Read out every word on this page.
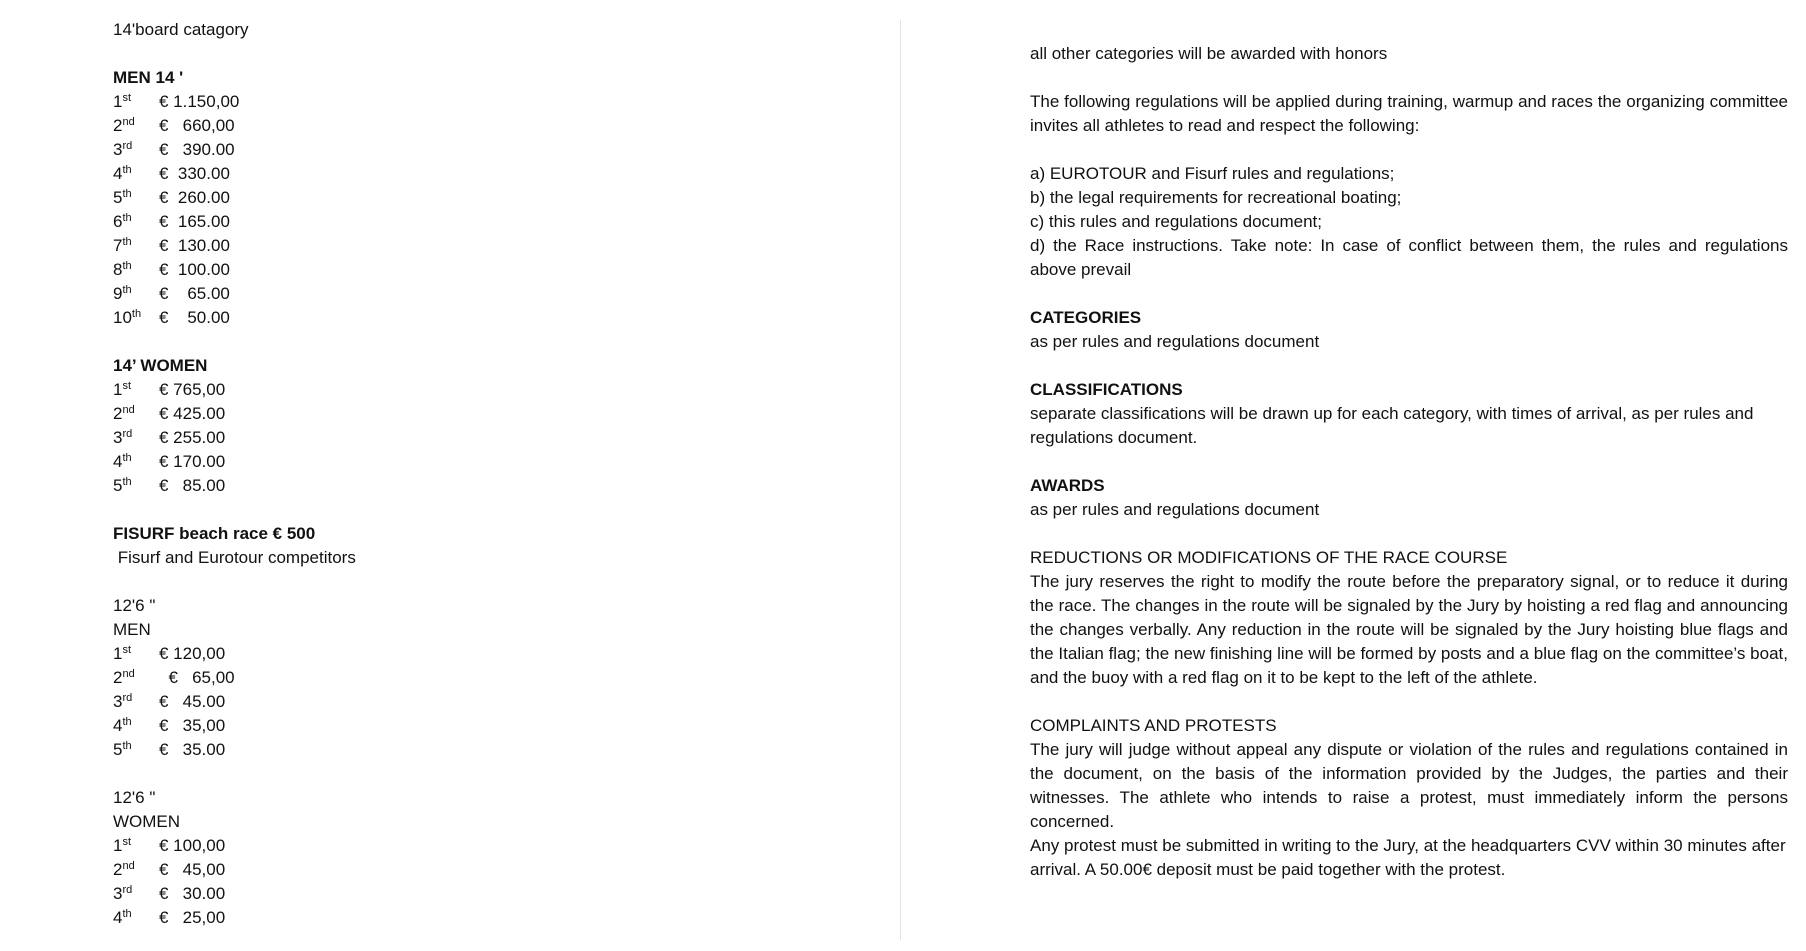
14'board catagory
MEN 14 '
1st	€ 1.150,00
2nd	€   660,00
3rd	€   390.00
4th	€  330.00
5th	€  260.00
6th	€  165.00
7th	€  130.00
8th	€  100.00
9th	€    65.00
10th	€    50.00
14’ WOMEN
1st	€ 765,00
2nd	€ 425.00
3rd	€ 255.00
4th	€ 170.00
5th	€   85.00
FISURF beach race € 500
Fisurf and Eurotour competitors
12'6 "
MEN
1st	€ 120,00
2nd	€   65,00
3rd	€   45.00
4th	€   35,00
5th	€   35.00
12'6 "
WOMEN
1st	€ 100,00
2nd	€   45,00
3rd	€   30.00
4th	€   25,00

all other categories will be awarded with honors

The following regulations will be applied during training, warmup and races the organizing committee invites all athletes to read and respect the following:

a) EUROTOUR and Fisurf rules and regulations;

b) the legal requirements for recreational boating;

c) this rules and regulations document;

d) the Race instructions. Take note: In case of conflict between them, the rules and regulations above prevail

CATEGORIES

as per rules and regulations document

CLASSIFICATIONS

separate classifications will be drawn up for each category, with times of arrival, as per rules and regulations document.

AWARDS

as per rules and regulations document

REDUCTIONS OR MODIFICATIONS OF THE RACE COURSE

The jury reserves the right to modify the route before the preparatory signal, or to reduce it during the race. The changes in the route will be signaled by the Jury by hoisting a red flag and announcing the changes verbally. Any reduction in the route will be signaled by the Jury hoisting blue flags and the Italian flag; the new finishing line will be formed by posts and a blue flag on the committee’s boat, and the buoy with a red flag on it to be kept to the left of the athlete.

COMPLAINTS AND PROTESTS

The jury will judge without appeal any dispute or violation of the rules and regulations contained in the document, on the basis of the information provided by the Judges, the parties and their witnesses. The athlete who intends to raise a protest, must immediately inform the persons concerned.

Any protest must be submitted in writing to the Jury, at the headquarters CVV within 30 minutes after arrival. A 50.00€ deposit must be paid together with the protest.
